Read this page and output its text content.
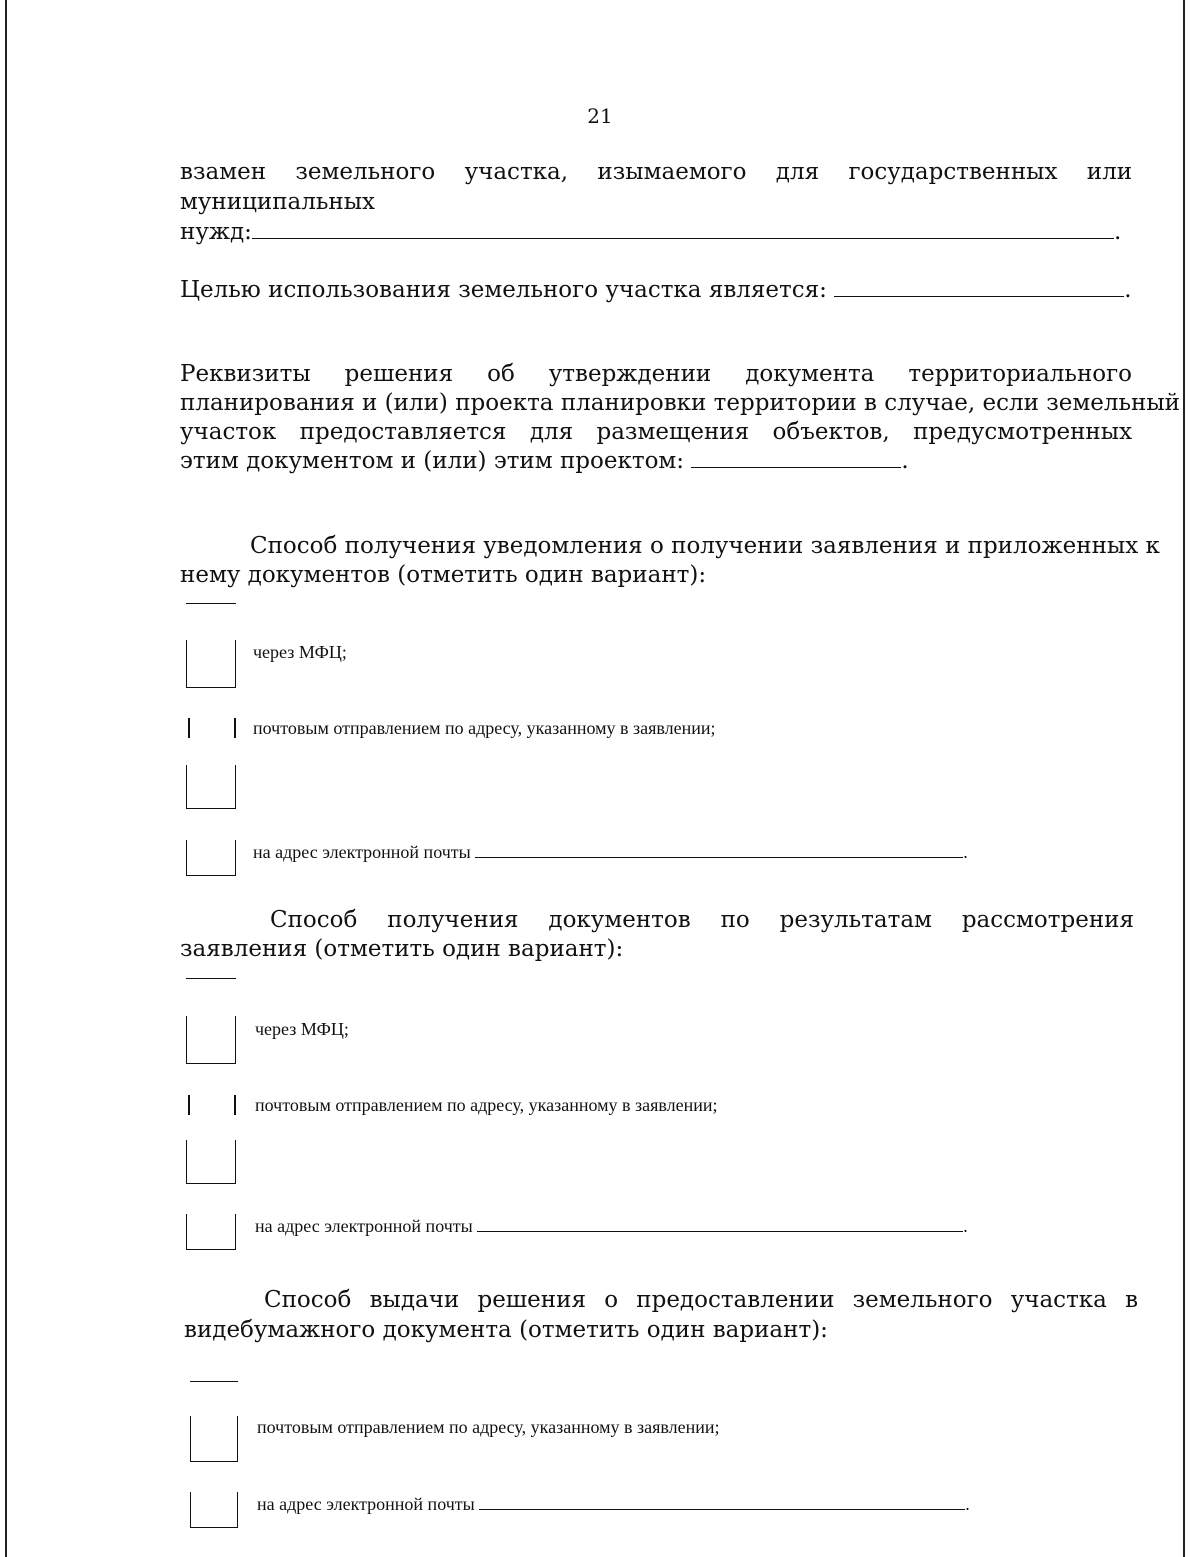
21
взамен земельного участка, изымаемого для государственных или
муниципальных
нужд:	.
Целью использования земельного участка является:	.
Реквизиты решения об утверждении документа территориального
планирования и (или) проекта планировки территории в случае, если земельный
участок предоставляется для размещения объектов, предусмотренных
этим документом и (или) этим проектом:	.
Способ получения уведомления о получении заявления и приложенных к
нему документов (отметить один вариант):
через МФЦ;
почтовым отправлением по адресу, указанному в заявлении;
на адрес электронной почты	.
Способ получения документов по результатам рассмотрения
заявления (отметить один вариант):
через МФЦ;
почтовым отправлением по адресу, указанному в заявлении;
на адрес электронной почты	.
Способ выдачи решения о предоставлении земельного участка в
видебумажного документа (отметить один вариант):
почтовым отправлением по адресу, указанному в заявлении;
на адрес электронной почты	.
